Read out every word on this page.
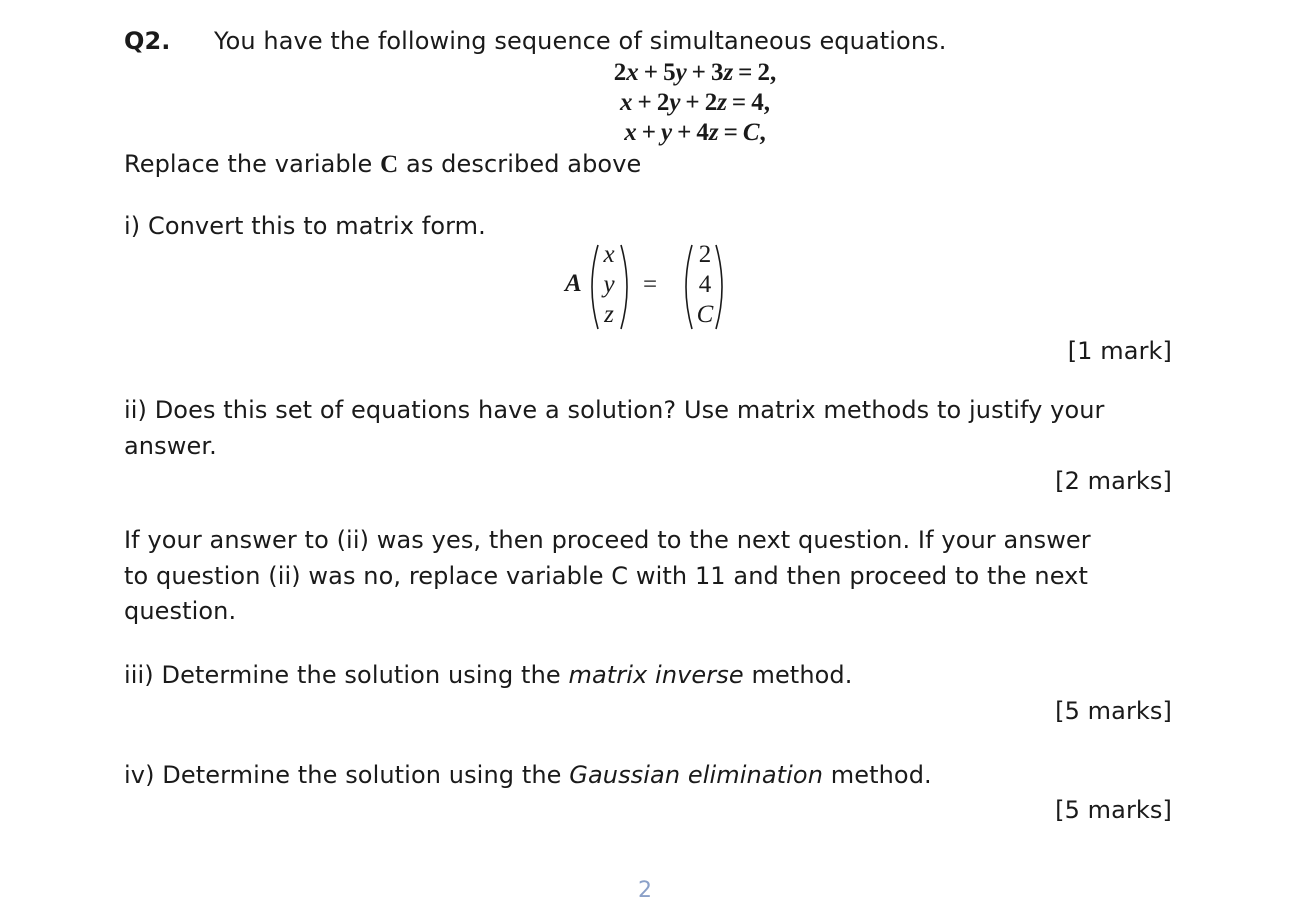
Q2. You have the following sequence of simultaneous equations.
2x + 5y + 3z = 2,
x + 2y + 2z = 4,
x + y + 4z = C,
Replace the variable C as described above
i) Convert this to matrix form.
A
x
y
z
=
2
4
C
[1 mark]
ii) Does this set of equations have a solution? Use matrix methods to justify your
answer.
[2 marks]
If your answer to (ii) was yes, then proceed to the next question. If your answer
to question (ii) was no, replace variable C with 11 and then proceed to the next
question.
iii) Determine the solution using the matrix inverse method.
[5 marks]
iv) Determine the solution using the Gaussian elimination method.
[5 marks]
2
